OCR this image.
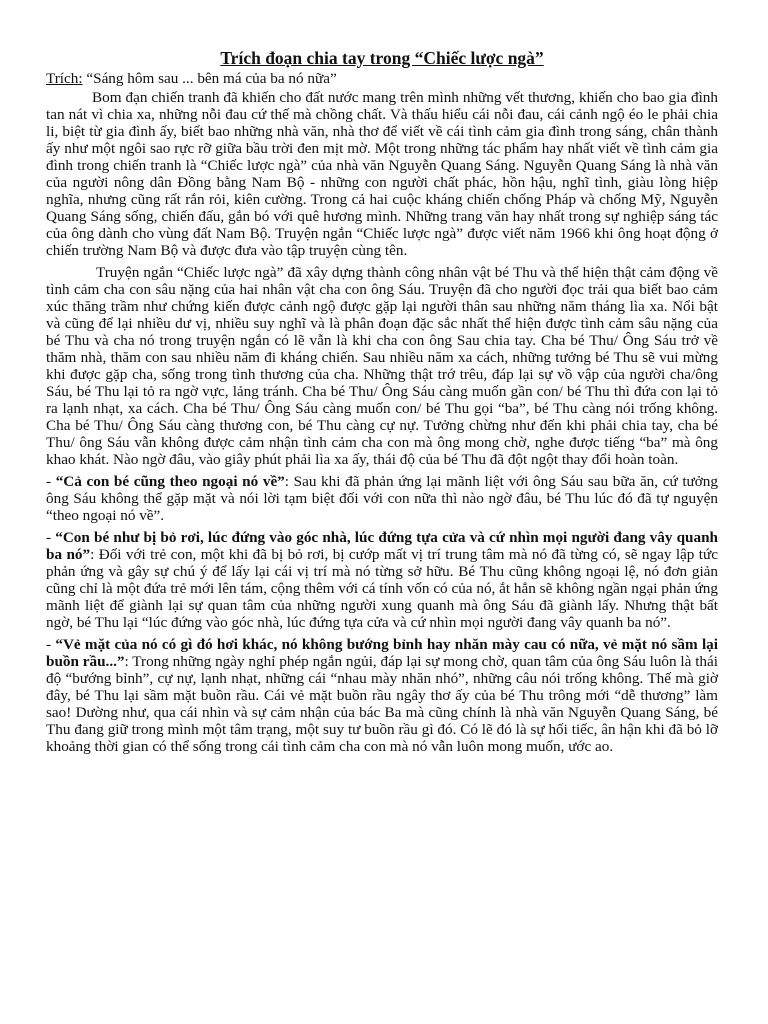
Trích đoạn chia tay trong “Chiếc lược ngà”

Trích: “Sáng hôm sau ... bên má của ba nó nữa”

Bom đạn chiến tranh đã khiến cho đất nước mang trên mình những vết thương, khiến cho bao gia đình tan nát vì chia xa, những nỗi đau cứ thế mà chồng chất. Và thấu hiểu cái nỗi đau, cái cảnh ngộ éo le phải chia li, biệt từ gia đình ấy, biết bao những nhà văn, nhà thơ để viết về cái tình cảm gia đình trong sáng, chân thành ấy như một ngôi sao rực rỡ giữa bầu trời đen mịt mờ. Một trong những tác phẩm hay nhất viết về tình cảm gia đình trong chiến tranh là “Chiếc lược ngà” của nhà văn Nguyễn Quang Sáng. Nguyễn Quang Sáng là nhà văn của người nông dân Đồng bằng Nam Bộ - những con người chất phác, hồn hậu, nghĩ tình, giàu lòng hiệp nghĩa, nhưng cũng rất rắn rỏi, kiên cường. Trong cả hai cuộc kháng chiến chống Pháp và chống Mỹ, Nguyễn Quang Sáng sống, chiến đấu, gắn bó với quê hương mình. Những trang văn hay nhất trong sự nghiệp sáng tác của ông dành cho vùng đất Nam Bộ. Truyện ngắn “Chiếc lược ngà” được viết năm 1966 khi ông hoạt động ở chiến trường Nam Bộ và được đưa vào tập truyện cùng tên.

Truyện ngắn “Chiếc lược ngà” đã xây dựng thành công nhân vật bé Thu và thể hiện thật cảm động về tình cảm cha con sâu nặng của hai nhân vật cha con ông Sáu. Truyện đã cho người đọc trải qua biết bao cảm xúc thăng trầm như chứng kiến được cảnh ngộ được gặp lại người thân sau những năm tháng lìa xa. Nổi bật và cũng để lại nhiều dư vị, nhiều suy nghĩ và là phân đoạn đặc sắc nhất thể hiện được tình cảm sâu nặng của bé Thu và cha nó trong truyện ngắn có lẽ vẫn là khi cha con ông Sau chia tay. Cha bé Thu/ Ông Sáu trở về thăm nhà, thăm con sau nhiều năm đi kháng chiến. Sau nhiều năm xa cách, những tưởng bé Thu sẽ vui mừng khi được gặp cha, sống trong tình thương của cha. Những thật trớ trêu, đáp lại sự vồ vập của người cha/ông Sáu, bé Thu lại tỏ ra ngờ vực, lảng tránh. Cha bé Thu/ Ông Sáu càng muốn gần con/ bé Thu thì đứa con lại tỏ ra lạnh nhạt, xa cách. Cha bé Thu/ Ông Sáu càng muốn con/ bé Thu gọi “ba”, bé Thu càng nói trống không. Cha bé Thu/ Ông Sáu càng thương con, bé Thu càng cự nự. Tưởng chừng như đến khi phải chia tay, cha bé Thu/ ông Sáu vẫn không được cảm nhận tình cảm cha con mà ông mong chờ, nghe được tiếng “ba” mà ông khao khát. Nào ngờ đâu, vào giây phút phải lìa xa ấy, thái độ của bé Thu đã đột ngột thay đổi hoàn toàn.

- “Cả con bé cũng theo ngoại nó về”: Sau khi đã phản ứng lại mãnh liệt với ông Sáu sau bữa ăn, cứ tưởng ông Sáu không thể gặp mặt và nói lời tạm biệt đối với con nữa thì nào ngờ đâu, bé Thu lúc đó đã tự nguyện “theo ngoại nó về”.

- “Con bé như bị bỏ rơi, lúc đứng vào góc nhà, lúc đứng tựa cửa và cứ nhìn mọi người đang vây quanh ba nó”: Đối với trẻ con, một khi đã bị bỏ rơi, bị cướp mất vị trí trung tâm mà nó đã từng có, sẽ ngay lập tức phản ứng và gây sự chú ý để lấy lại cái vị trí mà nó từng sở hữu. Bé Thu cũng không ngoại lệ, nó đơn giản cũng chỉ là một đứa trẻ mới lên tám, cộng thêm với cá tính vốn có của nó, ắt hẳn sẽ không ngần ngại phản ứng mãnh liệt để giành lại sự quan tâm của những người xung quanh mà ông Sáu đã giành lấy. Nhưng thật bất ngờ, bé Thu lại “lúc đứng vào góc nhà, lúc đứng tựa cửa và cứ nhìn mọi người đang vây quanh ba nó”.

- “Vẻ mặt của nó có gì đó hơi khác, nó không bướng bỉnh hay nhăn mày cau có nữa, vẻ mặt nó sầm lại buồn rầu...”: Trong những ngày nghỉ phép ngắn ngủi, đáp lại sự mong chờ, quan tâm của ông Sáu luôn là thái độ “bướng bỉnh”, cự nự, lạnh nhạt, những cái “nhau mày nhăn nhó”, những câu nói trống không. Thế mà giờ đây, bé Thu lại sầm mặt buồn rầu. Cái vẻ mặt buồn rầu ngây thơ ấy của bé Thu trông mới “dễ thương” làm sao! Dường như, qua cái nhìn và sự cảm nhận của bác Ba mà cũng chính là nhà văn Nguyễn Quang Sáng, bé Thu đang giữ trong mình một tâm trạng, một suy tư buồn rầu gì đó. Có lẽ đó là sự hối tiếc, ân hận khi đã bỏ lỡ khoảng thời gian có thể sống trong cái tình cảm cha con mà nó vẫn luôn mong muốn, ước ao.
